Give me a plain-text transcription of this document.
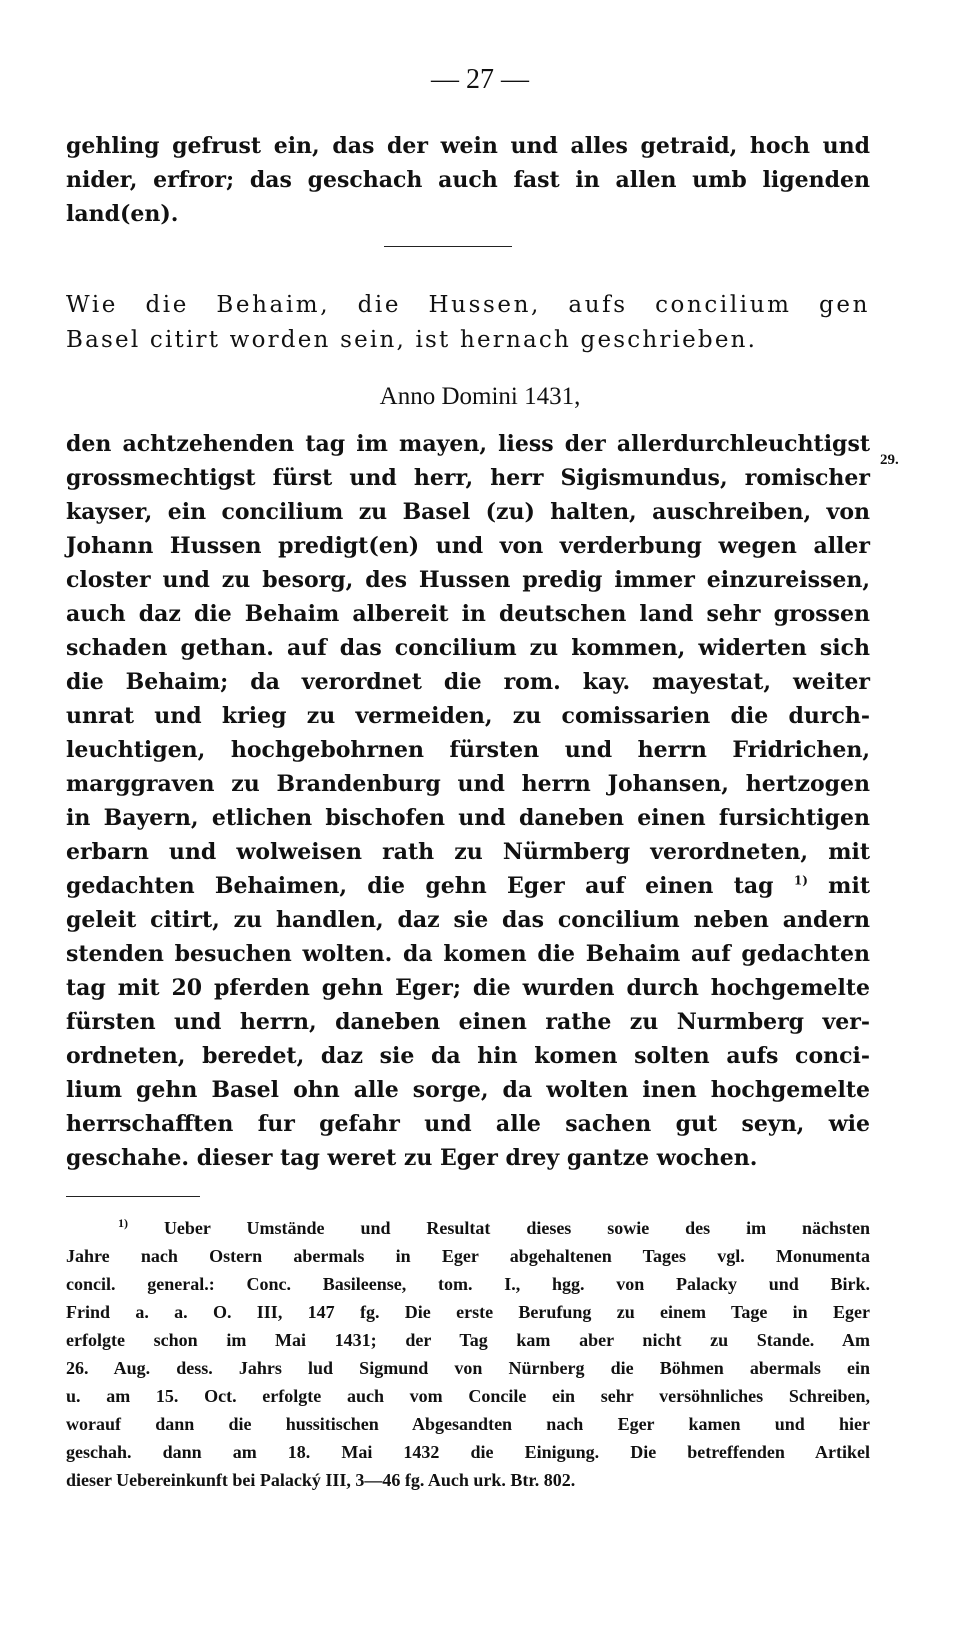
— 27 —
gehling gefrust ein, das der wein und alles getraid, hoch und
nider, erfror; das geschach auch fast in allen umb ligenden
land(en).
Wie die Behaim, die Hussen, aufs concilium gen
Basel citirt worden sein, ist hernach geschrieben.
Anno Domini 1431,
29.
den achtzehenden tag im mayen, liess der allerdurchleuchtigst
grossmechtigst fürst und herr, herr Sigismundus, romischer
kayser, ein concilium zu Basel (zu) halten, auschreiben, von
Johann Hussen predigt(en) und von verderbung wegen aller
closter und zu besorg, des Hussen predig immer einzureissen,
auch daz die Behaim albereit in deutschen land sehr grossen
schaden gethan. auf das concilium zu kommen, widerten sich
die Behaim; da verordnet die rom. kay. mayestat, weiter
unrat und krieg zu vermeiden, zu comissarien die durch-
leuchtigen, hochgebohrnen fürsten und herrn Fridrichen,
marggraven zu Brandenburg und herrn Johansen, hertzogen
in Bayern, etlichen bischofen und daneben einen fursichtigen
erbarn und wolweisen rath zu Nürmberg verordneten, mit
gedachten Behaimen, die gehn Eger auf einen tag $^{1)}$ mit
geleit citirt, zu handlen, daz sie das concilium neben andern
stenden besuchen wolten. da komen die Behaim auf gedachten
tag mit 20 pferden gehn Eger; die wurden durch hochgemelte
fürsten und herrn, daneben einen rathe zu Nurmberg ver-
ordneten, beredet, daz sie da hin komen solten aufs conci-
lium gehn Basel ohn alle sorge, da wolten inen hochgemelte
herrschafften fur gefahr und alle sachen gut seyn, wie
geschahe. dieser tag weret zu Eger drey gantze wochen.
$^{1)}$ Ueber Umstände und Resultat dieses sowie des im nächsten
Jahre nach Ostern abermals in Eger abgehaltenen Tages vgl. Monumenta
concil. general.: Conc. Basileense, tom. I., hgg. von Palacky und Birk.
Frind a. a. O. III, 147 fg. Die erste Berufung zu einem Tage in Eger
erfolgte schon im Mai 1431; der Tag kam aber nicht zu Stande. Am
26. Aug. dess. Jahrs lud Sigmund von Nürnberg die Böhmen abermals ein
u. am 15. Oct. erfolgte auch vom Concile ein sehr versöhnliches Schreiben,
worauf dann die hussitischen Abgesandten nach Eger kamen und hier
geschah. dann am 18. Mai 1432 die Einigung. Die betreffenden Artikel
dieser Uebereinkunft bei Palacký III, 3—46 fg. Auch urk. Btr. 802.
